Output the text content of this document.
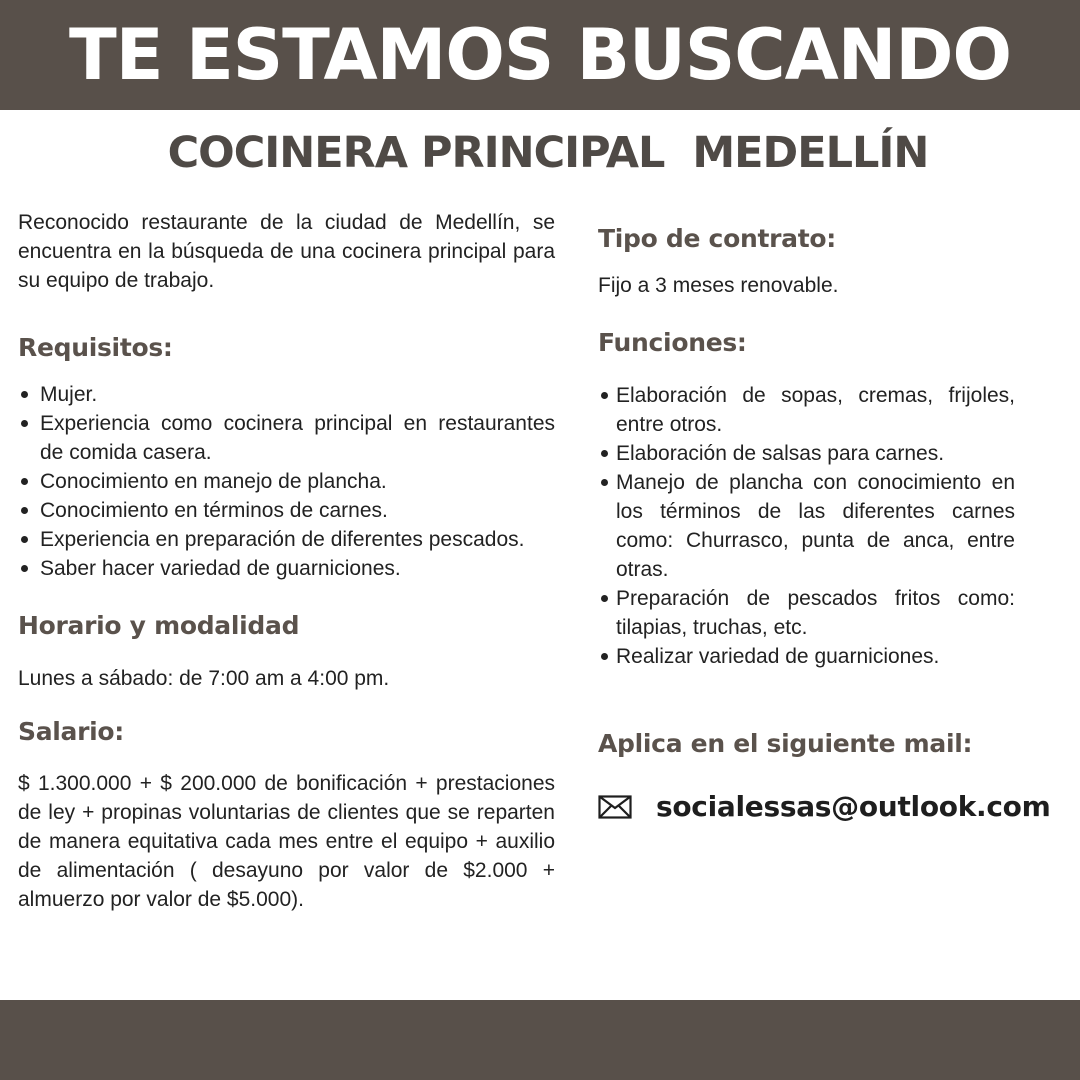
TE ESTAMOS BUSCANDO
COCINERA PRINCIPAL  MEDELLÍN

Reconocido restaurante de la ciudad de Medellín, se encuentra en la búsqueda de una cocinera principal para su equipo de trabajo.

Requisitos:
Mujer.
Experiencia como cocinera principal en restaurantes de comida casera.
Conocimiento en manejo de plancha.
Conocimiento en términos de carnes.
Experiencia en preparación de diferentes pescados.
Saber hacer variedad de guarniciones.
Horario y modalidad

Lunes a sábado: de 7:00 am a 4:00 pm.

Salario:

$ 1.300.000 + $ 200.000 de bonificación + prestaciones de ley + propinas voluntarias de clientes que se reparten de manera equitativa cada mes entre el equipo + auxilio de alimentación ( desayuno por valor de $2.000 + almuerzo por valor de $5.000).

Tipo de contrato:

Fijo a 3 meses renovable.

Funciones:
Elaboración de sopas, cremas, frijoles, entre otros.
Elaboración de salsas para carnes.
Manejo de plancha con conocimiento en los términos de las diferentes carnes como: Churrasco, punta de anca, entre otras.
Preparación de pescados fritos como: tilapias, truchas, etc.
Realizar variedad de guarniciones.
Aplica en el siguiente mail:
socialessas@outlook.com
